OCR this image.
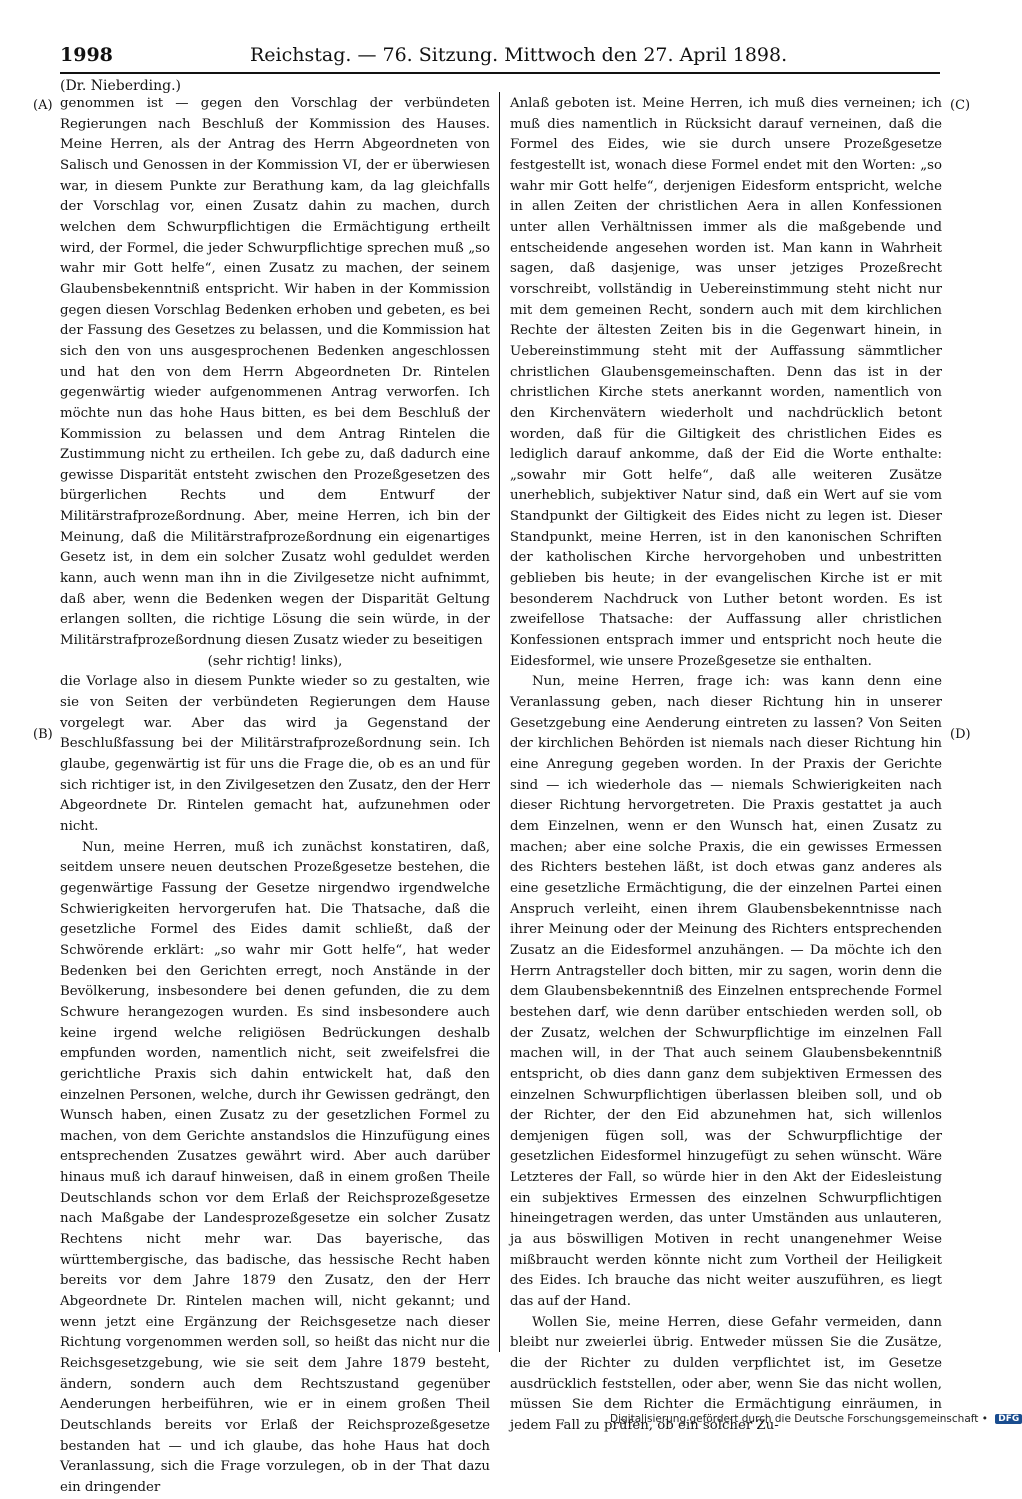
1998	Reichstag. — 76. Sitzung. Mittwoch den 27. April 1898.
(Dr. Nieberding.)
(A)
(B)
(C)
(D)

genommen ist — gegen den Vorschlag der verbündeten Regierungen nach Beschluß der Kommission des Hauses. Meine Herren, als der Antrag des Herrn Abgeordneten von Salisch und Genossen in der Kommission VI, der er überwiesen war, in diesem Punkte zur Berathung kam, da lag gleichfalls der Vorschlag vor, einen Zusatz dahin zu machen, durch welchen dem Schwurpflichtigen die Ermächtigung ertheilt wird, der Formel, die jeder Schwurpflichtige sprechen muß „so wahr mir Gott helfe“, einen Zusatz zu machen, der seinem Glaubensbekenntniß entspricht. Wir haben in der Kommission gegen diesen Vorschlag Bedenken erhoben und gebeten, es bei der Fassung des Gesetzes zu belassen, und die Kommission hat sich den von uns ausgesprochenen Bedenken angeschlossen und hat den von dem Herrn Abgeordneten Dr. Rintelen gegenwärtig wieder aufgenommenen Antrag verworfen. Ich möchte nun das hohe Haus bitten, es bei dem Beschluß der Kommission zu belassen und dem Antrag Rintelen die Zustimmung nicht zu ertheilen. Ich gebe zu, daß dadurch eine gewisse Disparität entsteht zwischen den Prozeßgesetzen des bürgerlichen Rechts und dem Entwurf der Militärstrafprozeßordnung. Aber, meine Herren, ich bin der Meinung, daß die Militärstrafprozeßordnung ein eigenartiges Gesetz ist, in dem ein solcher Zusatz wohl geduldet werden kann, auch wenn man ihn in die Zivilgesetze nicht aufnimmt, daß aber, wenn die Bedenken wegen der Disparität Geltung erlangen sollten, die richtige Lösung die sein würde, in der Militärstrafprozeßordnung diesen Zusatz wieder zu beseitigen

(sehr richtig! links),

die Vorlage also in diesem Punkte wieder so zu gestalten, wie sie von Seiten der verbündeten Regierungen dem Hause vorgelegt war. Aber das wird ja Gegenstand der Beschlußfassung bei der Militärstrafprozeßordnung sein. Ich glaube, gegenwärtig ist für uns die Frage die, ob es an und für sich richtiger ist, in den Zivilgesetzen den Zusatz, den der Herr Abgeordnete Dr. Rintelen gemacht hat, aufzunehmen oder nicht.

Nun, meine Herren, muß ich zunächst konstatiren, daß, seitdem unsere neuen deutschen Prozeßgesetze bestehen, die gegenwärtige Fassung der Gesetze nirgendwo irgendwelche Schwierigkeiten hervorgerufen hat. Die Thatsache, daß die gesetzliche Formel des Eides damit schließt, daß der Schwörende erklärt: „so wahr mir Gott helfe“, hat weder Bedenken bei den Gerichten erregt, noch Anstände in der Bevölkerung, insbesondere bei denen gefunden, die zu dem Schwure herangezogen wurden. Es sind insbesondere auch keine irgend welche religiösen Bedrückungen deshalb empfunden worden, namentlich nicht, seit zweifelsfrei die gerichtliche Praxis sich dahin entwickelt hat, daß den einzelnen Personen, welche, durch ihr Gewissen gedrängt, den Wunsch haben, einen Zusatz zu der gesetzlichen Formel zu machen, von dem Gerichte anstandslos die Hinzufügung eines entsprechenden Zusatzes gewährt wird. Aber auch darüber hinaus muß ich darauf hinweisen, daß in einem großen Theile Deutschlands schon vor dem Erlaß der Reichsprozeßgesetze nach Maßgabe der Landesprozeßgesetze ein solcher Zusatz Rechtens nicht mehr war. Das bayerische, das württembergische, das badische, das hessische Recht haben bereits vor dem Jahre 1879 den Zusatz, den der Herr Abgeordnete Dr. Rintelen machen will, nicht gekannt; und wenn jetzt eine Ergänzung der Reichsgesetze nach dieser Richtung vorgenommen werden soll, so heißt das nicht nur die Reichsgesetzgebung, wie sie seit dem Jahre 1879 besteht, ändern, sondern auch dem Rechtszustand gegenüber Aenderungen herbeiführen, wie er in einem großen Theil Deutschlands bereits vor Erlaß der Reichsprozeßgesetze bestanden hat — und ich glaube, das hohe Haus hat doch Veranlassung, sich die Frage vorzulegen, ob in der That dazu ein dringender

Anlaß geboten ist. Meine Herren, ich muß dies verneinen; ich muß dies namentlich in Rücksicht darauf verneinen, daß die Formel des Eides, wie sie durch unsere Prozeßgesetze festgestellt ist, wonach diese Formel endet mit den Worten: „so wahr mir Gott helfe“, derjenigen Eidesform entspricht, welche in allen Zeiten der christlichen Aera in allen Konfessionen unter allen Verhältnissen immer als die maßgebende und entscheidende angesehen worden ist. Man kann in Wahrheit sagen, daß dasjenige, was unser jetziges Prozeßrecht vorschreibt, vollständig in Uebereinstimmung steht nicht nur mit dem gemeinen Recht, sondern auch mit dem kirchlichen Rechte der ältesten Zeiten bis in die Gegenwart hinein, in Uebereinstimmung steht mit der Auffassung sämmtlicher christlichen Glaubensgemeinschaften. Denn das ist in der christlichen Kirche stets anerkannt worden, namentlich von den Kirchenvätern wiederholt und nachdrücklich betont worden, daß für die Giltigkeit des christlichen Eides es lediglich darauf ankomme, daß der Eid die Worte enthalte: „sowahr mir Gott helfe“, daß alle weiteren Zusätze unerheblich, subjektiver Natur sind, daß ein Wert auf sie vom Standpunkt der Giltigkeit des Eides nicht zu legen ist. Dieser Standpunkt, meine Herren, ist in den kanonischen Schriften der katholischen Kirche hervorgehoben und unbestritten geblieben bis heute; in der evangelischen Kirche ist er mit besonderem Nachdruck von Luther betont worden. Es ist zweifellose Thatsache: der Auffassung aller christlichen Konfessionen entsprach immer und entspricht noch heute die Eidesformel, wie unsere Prozeßgesetze sie enthalten.

Nun, meine Herren, frage ich: was kann denn eine Veranlassung geben, nach dieser Richtung hin in unserer Gesetzgebung eine Aenderung eintreten zu lassen? Von Seiten der kirchlichen Behörden ist niemals nach dieser Richtung hin eine Anregung gegeben worden. In der Praxis der Gerichte sind — ich wiederhole das — niemals Schwierigkeiten nach dieser Richtung hervorgetreten. Die Praxis gestattet ja auch dem Einzelnen, wenn er den Wunsch hat, einen Zusatz zu machen; aber eine solche Praxis, die ein gewisses Ermessen des Richters bestehen läßt, ist doch etwas ganz anderes als eine gesetzliche Ermächtigung, die der einzelnen Partei einen Anspruch verleiht, einen ihrem Glaubensbekenntnisse nach ihrer Meinung oder der Meinung des Richters entsprechenden Zusatz an die Eidesformel anzuhängen. — Da möchte ich den Herrn Antragsteller doch bitten, mir zu sagen, worin denn die dem Glaubensbekenntniß des Einzelnen entsprechende Formel bestehen darf, wie denn darüber entschieden werden soll, ob der Zusatz, welchen der Schwurpflichtige im einzelnen Fall machen will, in der That auch seinem Glaubensbekenntniß entspricht, ob dies dann ganz dem subjektiven Ermessen des einzelnen Schwurpflichtigen überlassen bleiben soll, und ob der Richter, der den Eid abzunehmen hat, sich willenlos demjenigen fügen soll, was der Schwurpflichtige der gesetzlichen Eidesformel hinzugefügt zu sehen wünscht. Wäre Letzteres der Fall, so würde hier in den Akt der Eidesleistung ein subjektives Ermessen des einzelnen Schwurpflichtigen hineingetragen werden, das unter Umständen aus unlauteren, ja aus böswilligen Motiven in recht unangenehmer Weise mißbraucht werden könnte nicht zum Vortheil der Heiligkeit des Eides. Ich brauche das nicht weiter auszuführen, es liegt das auf der Hand.

Wollen Sie, meine Herren, diese Gefahr vermeiden, dann bleibt nur zweierlei übrig. Entweder müssen Sie die Zusätze, die der Richter zu dulden verpflichtet ist, im Gesetze ausdrücklich feststellen, oder aber, wenn Sie das nicht wollen, müssen Sie dem Richter die Ermächtigung einräumen, in jedem Fall zu prüfen, ob ein solcher Zu-

Digitalisierung gefördert durch die Deutsche Forschungsgemeinschaft • DFG
